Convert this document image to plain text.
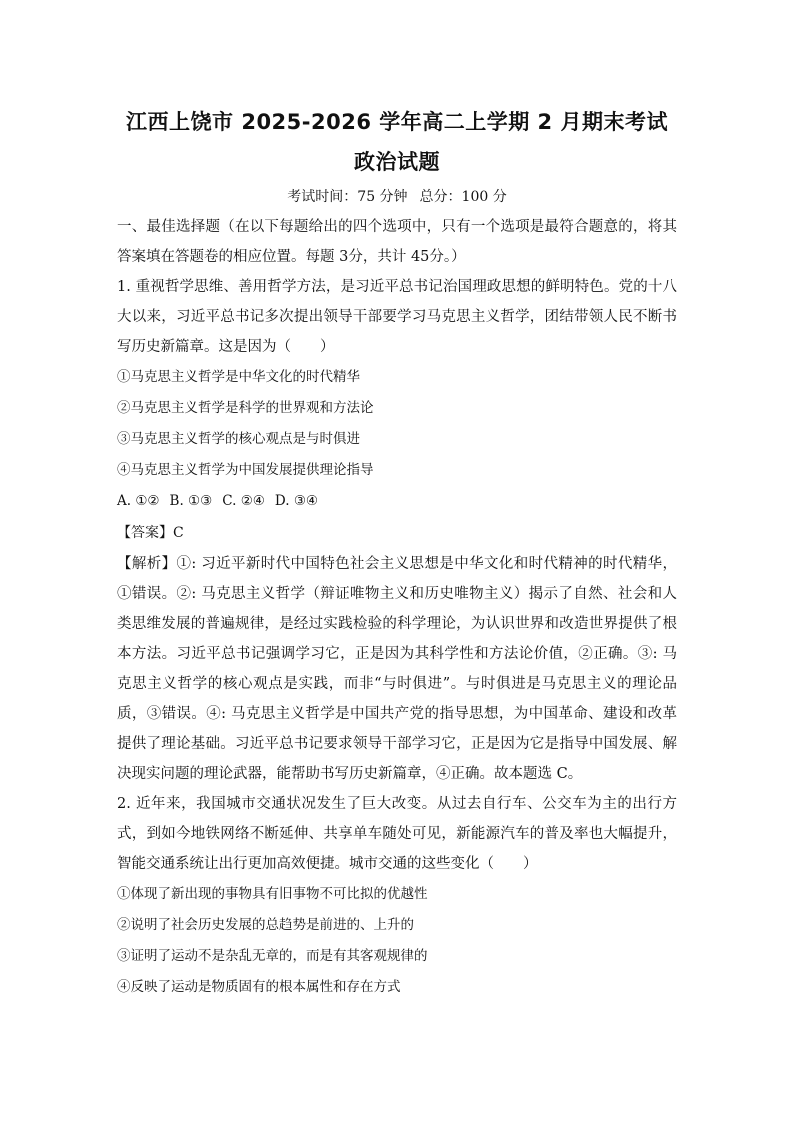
江西上饶市 2025-2026 学年高二上学期 2 月期末考试
政治试题
考试时间：75 分钟 总分：100 分
一、最佳选择题（在以下每题给出的四个选项中，只有一个选项是最符合题意的，将其答案填在答题卷的相应位置。每题 3分，共计 45分。）
1. 重视哲学思维、善用哲学方法，是习近平总书记治国理政思想的鲜明特色。党的十八大以来，习近平总书记多次提出领导干部要学习马克思主义哲学，团结带领人民不断书写历史新篇章。这是因为（　　）
①马克思主义哲学是中华文化的时代精华
②马克思主义哲学是科学的世界观和方法论
③马克思主义哲学的核心观点是与时俱进
④马克思主义哲学为中国发展提供理论指导
A. ①② B. ①③ C. ②④ D. ③④
【答案】C
【解析】①: 习近平新时代中国特色社会主义思想是中华文化和时代精神的时代精华，①错误。②: 马克思主义哲学（辩证唯物主义和历史唯物主义）揭示了自然、社会和人类思维发展的普遍规律，是经过实践检验的科学理论，为认识世界和改造世界提供了根本方法。习近平总书记强调学习它，正是因为其科学性和方法论价值，②正确。③: 马克思主义哲学的核心观点是实践，而非“与时俱进”。与时俱进是马克思主义的理论品质，③错误。④: 马克思主义哲学是中国共产党的指导思想，为中国革命、建设和改革提供了理论基础。习近平总书记要求领导干部学习它，正是因为它是指导中国发展、解决现实问题的理论武器，能帮助书写历史新篇章，④正确。故本题选 C。
2. 近年来，我国城市交通状况发生了巨大改变。从过去自行车、公交车为主的出行方式，到如今地铁网络不断延伸、共享单车随处可见，新能源汽车的普及率也大幅提升，智能交通系统让出行更加高效便捷。城市交通的这些变化（　　）
①体现了新出现的事物具有旧事物不可比拟的优越性
②说明了社会历史发展的总趋势是前进的、上升的
③证明了运动不是杂乱无章的，而是有其客观规律的
④反映了运动是物质固有的根本属性和存在方式
